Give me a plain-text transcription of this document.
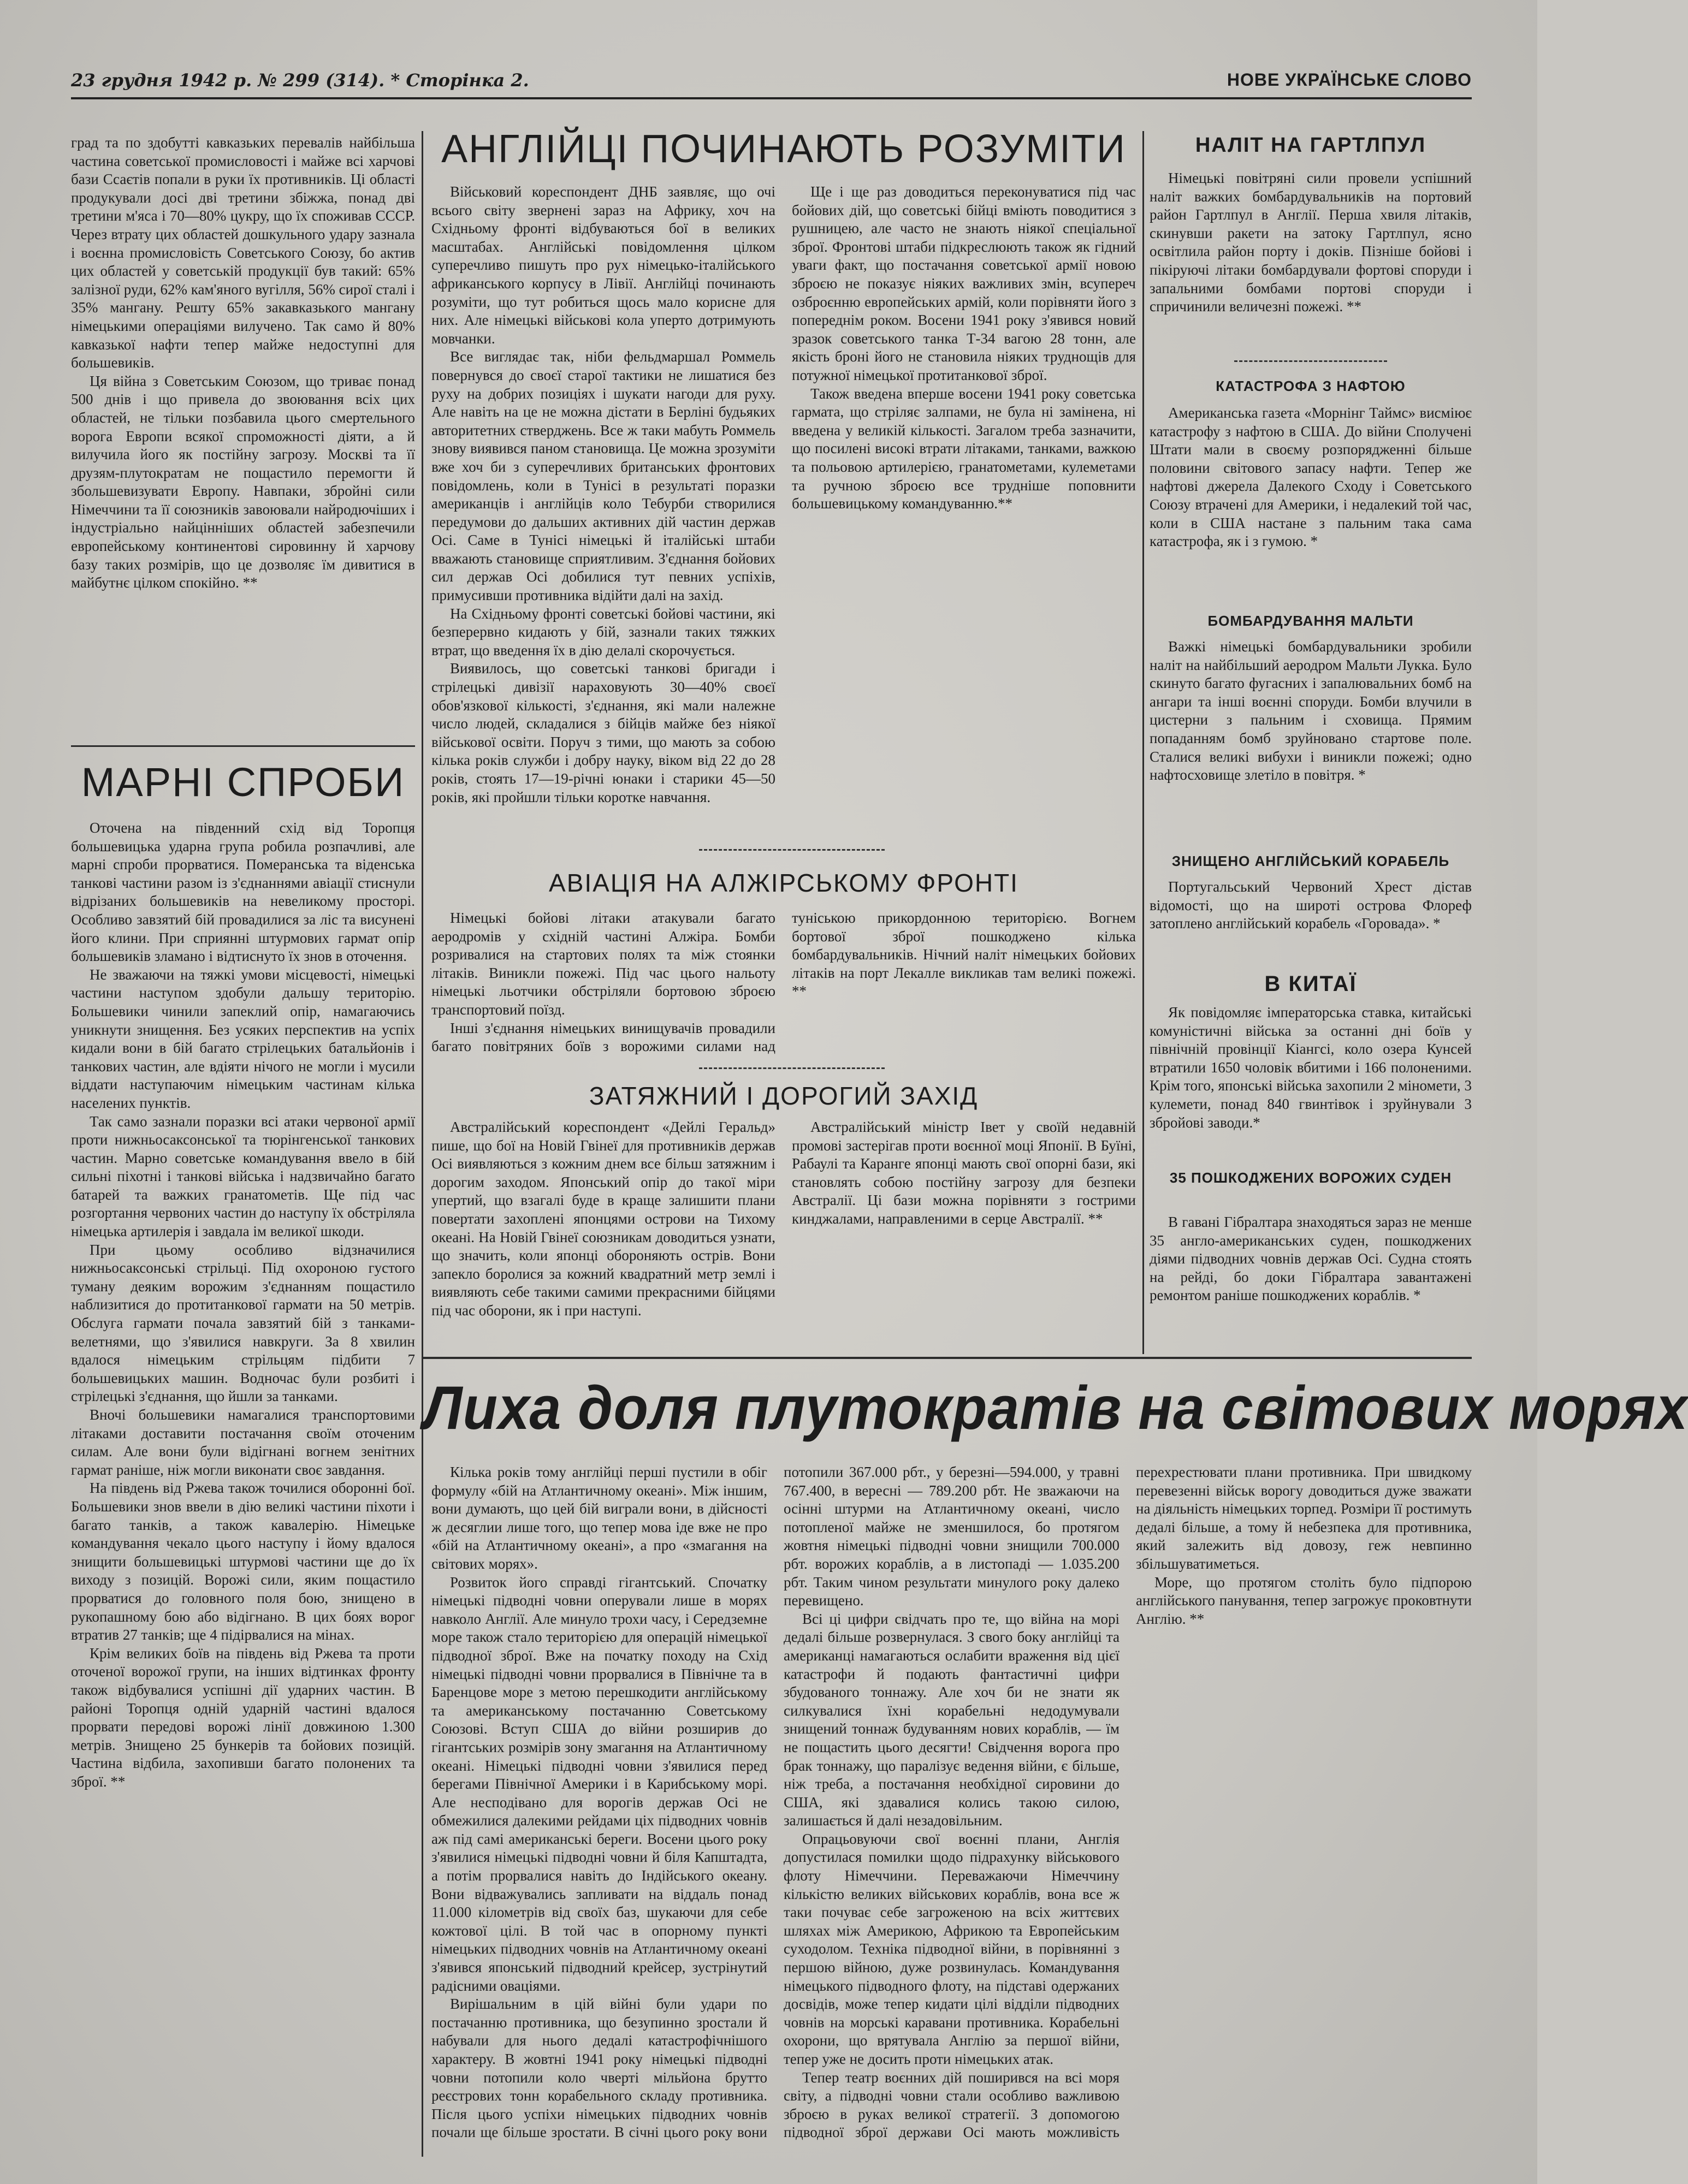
23 грудня 1942 р. № 299 (314). * Сторінка 2.	НОВЕ УКРАЇНСЬКЕ СЛОВО

град та по здобутті кавказьких перевалів найбільша частина советської промисловості і майже всі харчові бази Ссаєтів попали в руки їх противників. Ці області продукували досі дві третини збіжжа, понад дві третини м'яса і 70—80% цукру, що їх споживав СССР. Через втрату цих областей дошкульного удару зазнала і воєнна промисловість Советського Союзу, бо актив цих областей у советській продукції був такий: 65% залізної руди, 62% кам'яного вугілля, 56% сирої сталі і 35% мангану. Решту 65% закавказького мангану німецькими операціями вилучено. Так само й 80% кавказької нафти тепер майже недоступні для большевиків.

Ця війна з Советським Союзом, що триває понад 500 днів і що привела до звоювання всіх цих областей, не тільки позбавила цього смертельного ворога Европи всякої спроможності діяти, а й вилучила його як постійну загрозу. Москві та її друзям-плутократам не пощастило перемогти й збольшевизувати Европу. Навпаки, збройні сили Німеччини та її союзників завоювали найродючіших і індустріально найцінніших областей забезпечили европейському континентові сировинну й харчову базу таких розмірів, що це дозволяє їм дивитися в майбутнє цілком спокійно. **

МАРНІ СПРОБИ

Оточена на південний схід від Торопця большевицька ударна група робила розпачливі, але марні спроби прорватися. Померанська та віденська танкові частини разом із з'єднаннями авіації стиснули відрізаних большевиків на невеликому просторі. Особливо завзятий бій провадилися за ліс та висунені його клини. При сприянні штурмових гармат опір большевиків зламано і відтиснуто їх знов в оточення.

Не зважаючи на тяжкі умови місцевості, німецькі частини наступом здобули дальшу територію. Большевики чинили запеклий опір, намагаючись уникнути знищення. Без усяких перспектив на успіх кидали вони в бій багато стрілецьких батальйонів і танкових частин, але вдіяти нічого не могли і мусили віддати наступаючим німецьким частинам кілька населених пунктів.

Так само зазнали поразки всі атаки червоної армії проти нижньосаксонської та тюрінгенської танкових частин. Марно советське командування ввело в бій сильні піхотні і танкові війська і надзвичайно багато батарей та важких гранатометів. Ще під час розгортання червоних частин до наступу їх обстріляла німецька артилерія і завдала ім великої шкоди.

При цьому особливо відзначилися нижньосаксонські стрільці. Під охороною густого туману деяким ворожим з'єднанням пощастило наблизитися до протитанкової гармати на 50 метрів. Обслуга гармати почала завзятий бій з танками-велетнями, що з'явилися навкруги. За 8 хвилин вдалося німецьким стрільцям підбити 7 большевицьких машин. Водночас були розбиті і стрілецькі з'єднання, що йшли за танками.

Вночі большевики намагалися транспортовими літаками доставити постачання своїм оточеним силам. Але вони були відігнані вогнем зенітних гармат раніше, ніж могли виконати своє завдання.

На південь від Ржева також точилися оборонні бої. Большевики знов ввели в дію великі частини піхоти і багато танків, а також кавалерію. Німецьке командування чекало цього наступу і йому вдалося знищити большевицькі штурмові частини ще до їх виходу з позицій. Ворожі сили, яким пощастило прорватися до головного поля бою, знищено в рукопашному бою або відігнано. В цих боях ворог втратив 27 танків; ще 4 підірвалися на мінах.

Крім великих боїв на південь від Ржева та проти оточеної ворожої групи, на інших відтинках фронту також відбувалися успішні дії ударних частин. В районі Торопця одній ударній частині вдалося прорвати передові ворожі лінії довжиною 1.300 метрів. Знищено 25 бункерів та бойових позицій. Частина відбила, захопивши багато полонених та зброї. **

АНГЛІЙЦІ ПОЧИНАЮТЬ РОЗУМІТИ

Військовий кореспондент ДНБ заявляє, що очі всього світу звернені зараз на Африку, хоч на Східньому фронті відбуваються бої в великих масштабах. Англійські повідомлення цілком суперечливо пишуть про рух німецько-італійського африканського корпусу в Лівії. Англійці починають розуміти, що тут робиться щось мало корисне для них. Але німецькі військові кола уперто дотримують мовчанки.

Все виглядає так, ніби фельдмаршал Роммель повернувся до своєї старої тактики не лишатися без руху на добрих позиціях і шукати нагоди для руху. Але навіть на це не можна дістати в Берліні будьяких авторитетних стверджень. Все ж таки мабуть Роммель знову виявився паном становища. Це можна зрозуміти вже хоч би з суперечливих британських фронтових повідомлень, коли в Тунісі в результаті поразки американців і англійців коло Тебурби створилися передумови до дальших активних дій частин держав Осі. Саме в Тунісі німецькі й італійські штаби вважають становище сприятливим. З'єднання бойових сил держав Осі добилися тут певних успіхів, примусивши противника відійти далі на захід.

На Східньому фронті советські бойові частини, які безперервно кидають у бій, зазнали таких тяжких втрат, що введення їх в дію делалі скорочується.

Виявилось, що советські танкові бригади і стрілецькі дивізії нараховують 30—40% своєї обов'язкової кількості, з'єднання, які мали належне число людей, складалися з бійців майже без ніякої військової освіти. Поруч з тими, що мають за собою кілька років служби і добру науку, віком від 22 до 28 років, стоять 17—19-річні юнаки і старики 45—50 років, які пройшли тільки коротке навчання.

Ще і ще раз доводиться переконуватися під час бойових дій, що советські бійці вміють поводитися з рушницею, але часто не знають ніякої спеціальної зброї. Фронтові штаби підкреслюють також як гідний уваги факт, що постачання советської армії новою зброєю не показує ніяких важливих змін, всупереч озброєнню европейських армій, коли порівняти його з попереднім роком. Восени 1941 року з'явився новий зразок советського танка Т-34 вагою 28 тонн, але якість броні його не становила ніяких труднощів для потужної німецької протитанкової зброї.

Також введена вперше восени 1941 року советська гармата, що стріляє залпами, не була ні замінена, ні введена у великій кількості. Загалом треба зазначити, що посилені високі втрати літаками, танками, важкою та польовою артилерією, гранатометами, кулеметами та ручною зброєю все трудніше поповнити большевицькому командуванню.**

АВІАЦІЯ НА АЛЖІРСЬКОМУ ФРОНТІ

Німецькі бойові літаки атакували багато аеродромів у східній частині Алжіра. Бомби розривалися на стартових полях та між стоянки літаків. Виникли пожежі. Під час цього нальоту німецькі льотчики обстріляли бортовою зброєю транспортовий поїзд.

Інші з'єднання німецьких винищувачів провадили багато повітряних боїв з ворожими силами над туніською прикордонною територією. Вогнем бортової зброї пошкоджено кілька бомбардувальників. Нічний наліт німецьких бойових літаків на порт Лекалле викликав там великі пожежі. **

ЗАТЯЖНИЙ І ДОРОГИЙ ЗАХІД

Австралійський кореспондент «Дейлі Геральд» пише, що бої на Новій Гвінеї для противників держав Осі виявляються з кожним днем все більш затяжним і дорогим заходом. Японський опір до такої міри упертий, що взагалі буде в краще залишити плани повертати захоплені японцями острови на Тихому океані. На Новій Гвінеї союзникам доводиться узнати, що значить, коли японці обороняють острів. Вони запекло боролися за кожний квадратний метр землі і виявляють себе такими самими прекрасними бійцями під час оборони, як і при наступі.

Австралійський міністр Івет у своїй недавній промові застерігав проти воєнної моці Японії. В Буїні, Рабаулі та Каранге японці мають свої опорні бази, які становлять собою постійну загрозу для безпеки Австралії. Ці бази можна порівняти з гострими кинджалами, направленими в серце Австралії. **

НАЛІТ НА ГАРТЛПУЛ

Німецькі повітряні сили провели успішний наліт важких бомбардувальників на портовий район Гартлпул в Англії. Перша хвиля літаків, скинувши ракети на затоку Гартлпул, ясно освітлила район порту і доків. Пізніше бойові і пікіруючі літаки бомбардували фортові споруди і запальними бомбами портові споруди і спричинили величезні пожежі. **

КАТАСТРОФА З НАФТОЮ

Американська газета «Морнінг Таймс» висміює катастрофу з нафтою в США. До війни Сполучені Штати мали в своєму розпорядженні більше половини світового запасу нафти. Тепер же нафтові джерела Далекого Сходу і Советського Союзу втрачені для Америки, і недалекий той час, коли в США настане з пальним така сама катастрофа, як і з гумою. *

БОМБАРДУВАННЯ МАЛЬТИ

Важкі німецькі бомбардувальники зробили наліт на найбільший аеродром Мальти Лукка. Було скинуто багато фугасних і запалювальних бомб на ангари та інші воєнні споруди. Бомби влучили в цистерни з пальним і сховища. Прямим попаданням бомб зруйновано стартове поле. Сталися великі вибухи і виникли пожежі; одно нафтосховище злетіло в повітря. *

ЗНИЩЕНО АНГЛІЙСЬКИЙ КОРАБЕЛЬ

Португальський Червоний Хрест дістав відомості, що на широті острова Флореф затоплено англійський корабель «Горовада». *

В КИТАЇ

Як повідомляє імператорська ставка, китайські комуністичні війська за останні дні боїв у північній провінції Кіангсі, коло озера Кунсей втратили 1650 чоловік вбитими і 166 полоненими. Крім того, японські війська захопили 2 міномети, 3 кулемети, понад 840 гвинтівок і зруйнували 3 збройові заводи.*

35 ПОШКОДЖЕНИХ ВОРОЖИХ СУДЕН

В гавані Гібралтара знаходяться зараз не менше 35 англо-американських суден, пошкоджених діями підводних човнів держав Осі. Судна стоять на рейді, бо доки Гібралтара завантажені ремонтом раніше пошкоджених кораблів. *

Лиха доля плутократів на світових морях

Кілька років тому англійці перші пустили в обіг формулу «бій на Атлантичному океані». Між іншим, вони думають, що цей бій виграли вони, в дійсності ж десяглии лише того, що тепер мова іде вже не про «бій на Атлантичному океані», а про «змагання на світових морях».

Розвиток його справді гігантський. Спочатку німецькі підводні човни оперували лише в морях навколо Англії. Але минуло трохи часу, і Середземне море також стало територією для операцій німецької підводної зброї. Вже на початку походу на Схід німецькі підводні човни прорвалися в Північне та в Баренцове море з метою перешкодити англійському та американському постачанню Советському Союзові. Вступ США до війни розширив до гігантських розмірів зону змагання на Атлантичному океані. Німецькі підводні човни з'явилися перед берегами Північної Америки і в Карибському морі. Але несподівано для ворогів держав Осі не обмежилися далекими рейдами ціх підводних човнів аж під самі американські береги. Восени цього року з'явилися німецькі підводні човни й біля Капштадта, а потім прорвалися навіть до Індійського океану. Вони відважувались запливати на віддаль понад 11.000 кілометрів від своїх баз, шукаючи для себе кожтової цілі. В той час в опорному пункті німецьких підводних човнів на Атлантичному океані з'явився японський підводний крейсер, зустрінутий радісними оваціями.

Вирішальним в цій війні були удари по постачанню противника, що безупинно зростали й набували для нього дедалі катастрофічнішого характеру. В жовтні 1941 року німецькі підводні човни потопили коло чверті мільйона брутто реєстрових тонн корабельного складу противника. Після цього успіхи німецьких підводних човнів почали ще більше зростати. В січні цього року вони потопили 367.000 рбт., у березні—594.000, у травні 767.400, в вересні — 789.200 рбт. Не зважаючи на осінні штурми на Атлантичному океані, число потопленої майже не зменшилося, бо протягом жовтня німецькі підводні човни знищили 700.000 рбт. ворожих кораблів, а в листопаді — 1.035.200 рбт. Таким чином результати минулого року далеко перевищено.

Всі ці цифри свідчать про те, що війна на морі дедалі більше розвернулася. З свого боку англійці та американці намагаються ослабити враження від цієї катастрофи й подають фантастичні цифри збудованого тоннажу. Але хоч би не знати як силкувалися їхні корабельні недодумували знищений тоннаж будуванням нових кораблів, — їм не пощастить цього десягти! Свідчення ворога про брак тоннажу, що паралізує ведення війни, є більше, ніж треба, а постачання необхідної сировини до США, які здавалися колись такою силою, залишається й далі незадовільним.

Опрацьовуючи свої воєнні плани, Англія допустилася помилки щодо підрахунку військового флоту Німеччини. Переважаючи Німеччину кількістю великих військових кораблів, вона все ж таки почуває себе загроженою на всіх життєвих шляхах між Америкою, Африкою та Европейським суходолом. Техніка підводної війни, в порівнянні з першою війною, дуже розвинулась. Командування німецького підводного флоту, на підставі одержаних досвідів, може тепер кидати цілі відділи підводних човнів на морські каравани противника. Корабельні охорони, що врятувала Англію за першої війни, тепер уже не досить проти німецьких атак.

Тепер театр воєнних дій поширився на всі моря світу, а підводні човни стали особливо важливою зброєю в руках великої стратегії. З допомогою підводної зброї держави Осі мають можливість перехрестювати плани противника. При швидкому перевезенні військ ворогу доводиться дуже зважати на діяльність німецьких торпед. Розміри її ростимуть дедалі більше, а тому й небезпека для противника, який залежить від довозу, геж невпинно збільшуватиметься.

Море, що протягом століть було підпорою англійського панування, тепер загрожує проковтнути Англію. **
